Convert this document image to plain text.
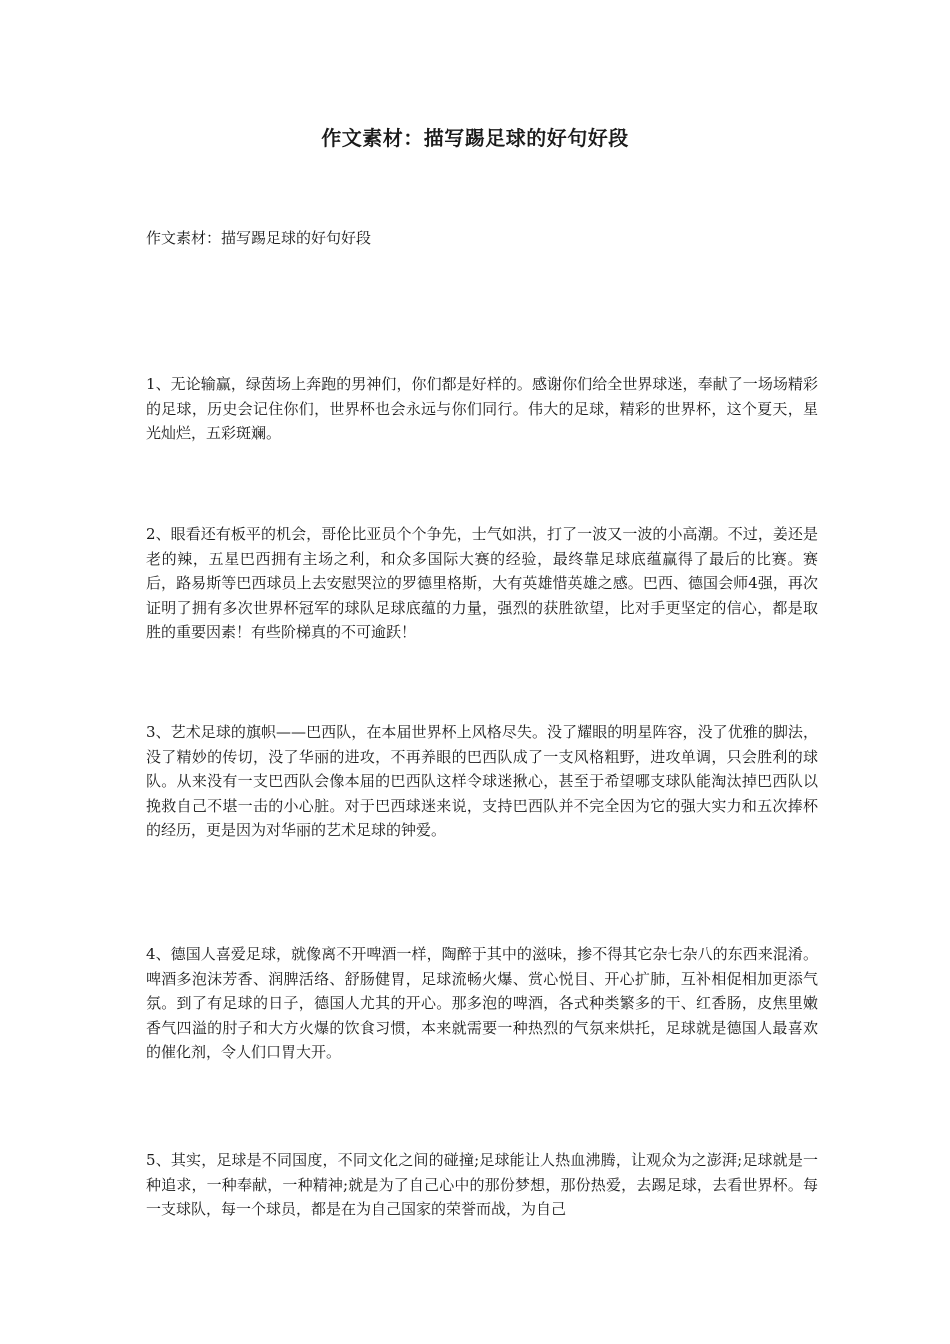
作文素材：描写踢足球的好句好段
作文素材：描写踢足球的好句好段

1、无论输赢，绿茵场上奔跑的男神们，你们都是好样的。感谢你们给全世界球迷，奉献了一场场精彩的足球，历史会记住你们，世界杯也会永远与你们同行。伟大的足球，精彩的世界杯，这个夏天，星光灿烂，五彩斑斓。

2、眼看还有板平的机会，哥伦比亚员个个争先，士气如洪，打了一波又一波的小高潮。不过，姜还是老的辣，五星巴西拥有主场之利，和众多国际大赛的经验，最终靠足球底蕴赢得了最后的比赛。赛后，路易斯等巴西球员上去安慰哭泣的罗德里格斯，大有英雄惜英雄之感。巴西、德国会师4强，再次证明了拥有多次世界杯冠军的球队足球底蕴的力量，强烈的获胜欲望，比对手更坚定的信心，都是取胜的重要因素！有些阶梯真的不可逾跃！

3、艺术足球的旗帜——巴西队，在本届世界杯上风格尽失。没了耀眼的明星阵容，没了优雅的脚法，没了精妙的传切，没了华丽的进攻，不再养眼的巴西队成了一支风格粗野，进攻单调，只会胜利的球队。从来没有一支巴西队会像本届的巴西队这样令球迷揪心，甚至于希望哪支球队能淘汰掉巴西队以挽救自己不堪一击的小心脏。对于巴西球迷来说，支持巴西队并不完全因为它的强大实力和五次捧杯的经历，更是因为对华丽的艺术足球的钟爱。

4、德国人喜爱足球，就像离不开啤酒一样，陶醉于其中的滋味，掺不得其它杂七杂八的东西来混淆。啤酒多泡沫芳香、润脾活络、舒肠健胃，足球流畅火爆、赏心悦目、开心扩肺，互补相促相加更添气氛。到了有足球的日子，德国人尤其的开心。那多泡的啤酒，各式种类繁多的干、红香肠，皮焦里嫩香气四溢的肘子和大方火爆的饮食习惯，本来就需要一种热烈的气氛来烘托，足球就是德国人最喜欢的催化剂，令人们口胃大开。

5、其实，足球是不同国度，不同文化之间的碰撞;足球能让人热血沸腾，让观众为之澎湃;足球就是一种追求，一种奉献，一种精神;就是为了自己心中的那份梦想，那份热爱，去踢足球，去看世界杯。每一支球队，每一个球员，都是在为自己国家的荣誉而战，为自己
